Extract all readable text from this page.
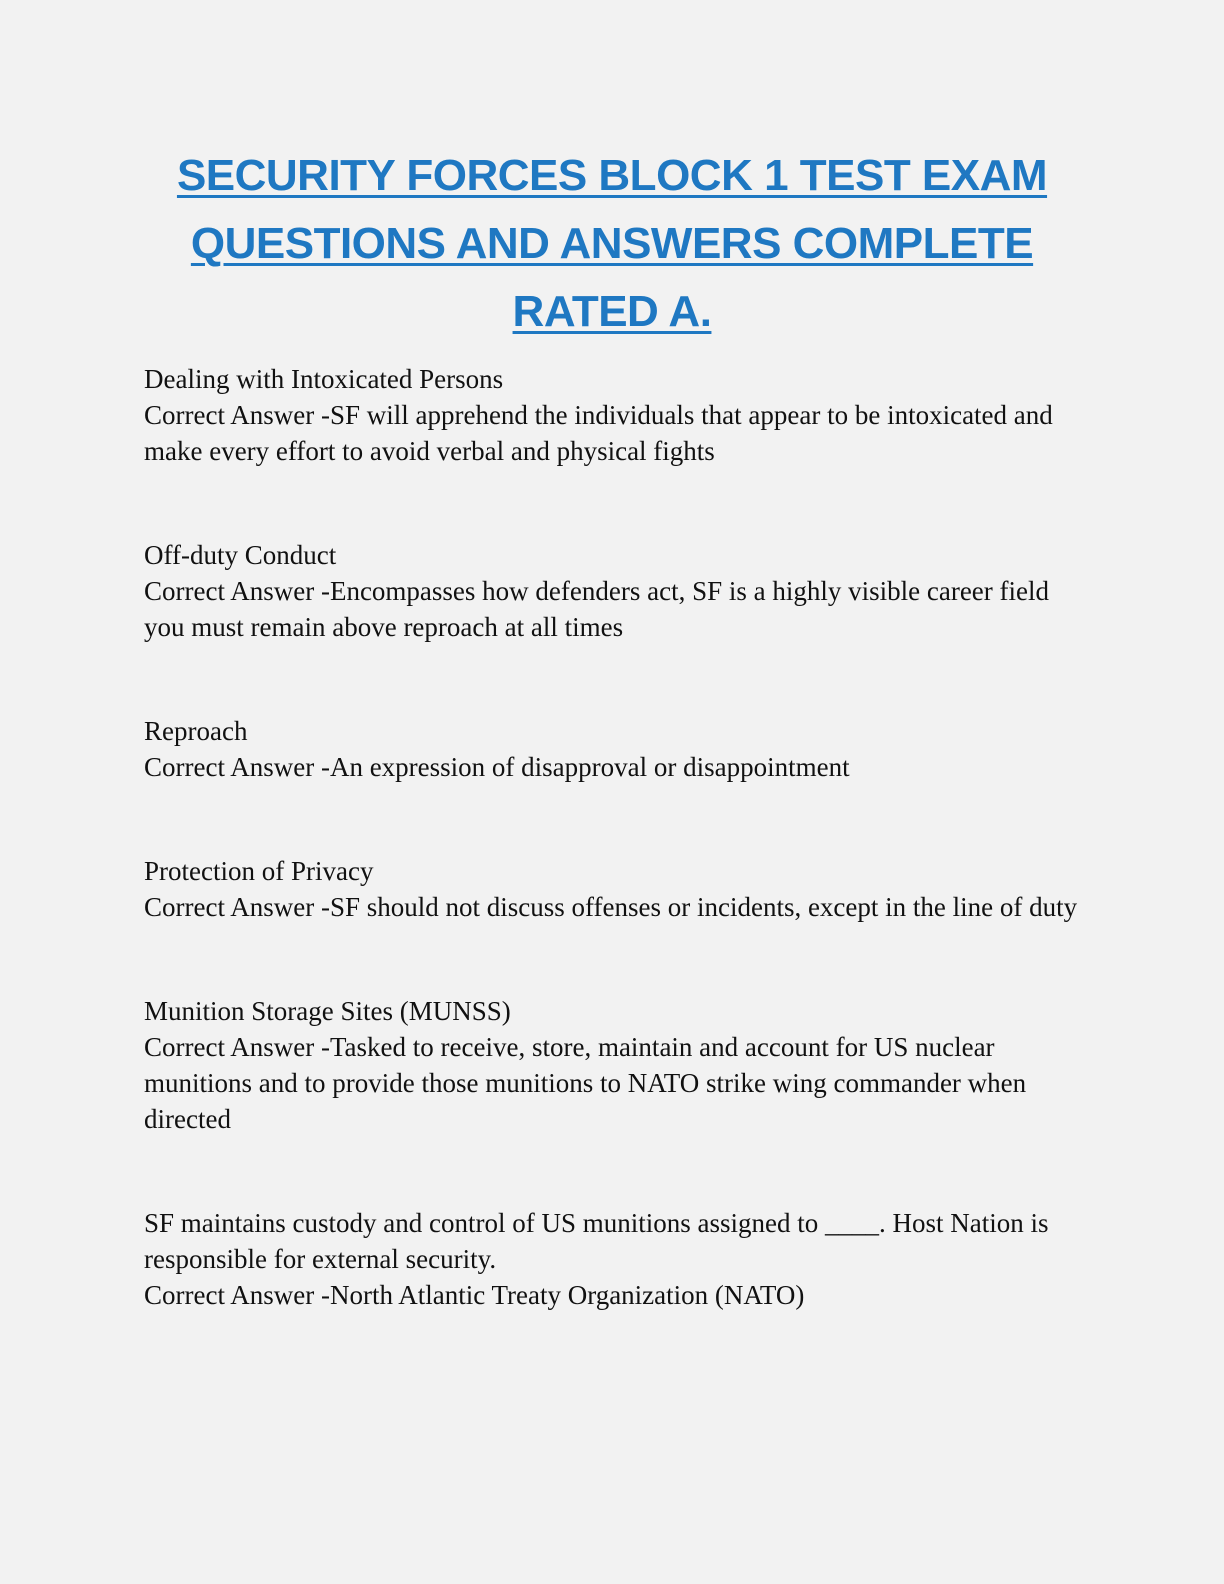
SECURITY FORCES BLOCK 1 TEST EXAM
QUESTIONS AND ANSWERS COMPLETE
RATED A.

Dealing with Intoxicated Persons

Correct Answer -SF will apprehend the individuals that appear to be intoxicated and make every effort to avoid verbal and physical fights

Off-duty Conduct

Correct Answer -Encompasses how defenders act, SF is a highly visible career field you must remain above reproach at all times

Reproach

Correct Answer -An expression of disapproval or disappointment

Protection of Privacy

Correct Answer -SF should not discuss offenses or incidents, except in the line of duty

Munition Storage Sites (MUNSS)

Correct Answer -Tasked to receive, store, maintain and account for US nuclear munitions and to provide those munitions to NATO strike wing commander when directed

SF maintains custody and control of US munitions assigned to ____. Host Nation is responsible for external security.

Correct Answer -North Atlantic Treaty Organization (NATO)
